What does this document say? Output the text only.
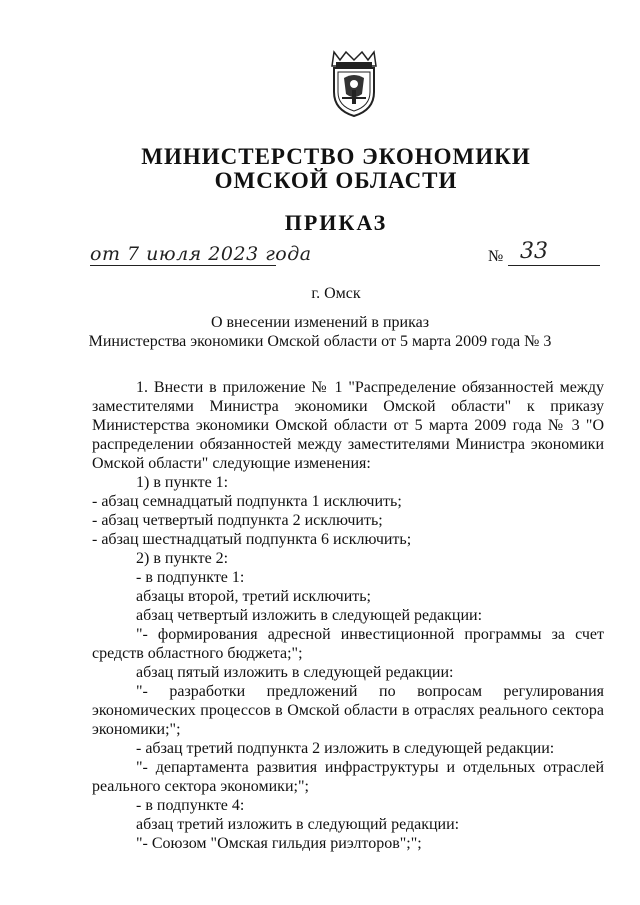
МИНИСТЕРСТВО ЭКОНОМИКИ
ОМСКОЙ ОБЛАСТИ
ПРИКАЗ
от 7 июля 2023 года	№ 33
г. Омск
О внесении изменений в приказ
Министерства экономики Омской области от 5 марта 2009 года № 3
1. Внести в приложение № 1 "Распределение обязанностей между заместителями Министра экономики Омской области" к приказу Министерства экономики Омской области от 5 марта 2009 года № 3 "О распределении обязанностей между заместителями Министра экономики Омской области" следующие изменения:
1) в пункте 1:
- абзац семнадцатый подпункта 1 исключить;
- абзац четвертый подпункта 2 исключить;
- абзац шестнадцатый подпункта 6 исключить;
2) в пункте 2:
- в подпункте 1:
абзацы второй, третий исключить;
абзац четвертый изложить в следующей редакции:
"- формирования адресной инвестиционной программы за счет средств областного бюджета;";
абзац пятый изложить в следующей редакции:
"- разработки предложений по вопросам регулирования экономических процессов в Омской области в отраслях реального сектора экономики;";
- абзац третий подпункта 2 изложить в следующей редакции:
"- департамента развития инфраструктуры и отдельных отраслей реального сектора экономики;";
- в подпункте 4:
абзац третий изложить в следующий редакции:
"- Союзом "Омская гильдия риэлторов";";
